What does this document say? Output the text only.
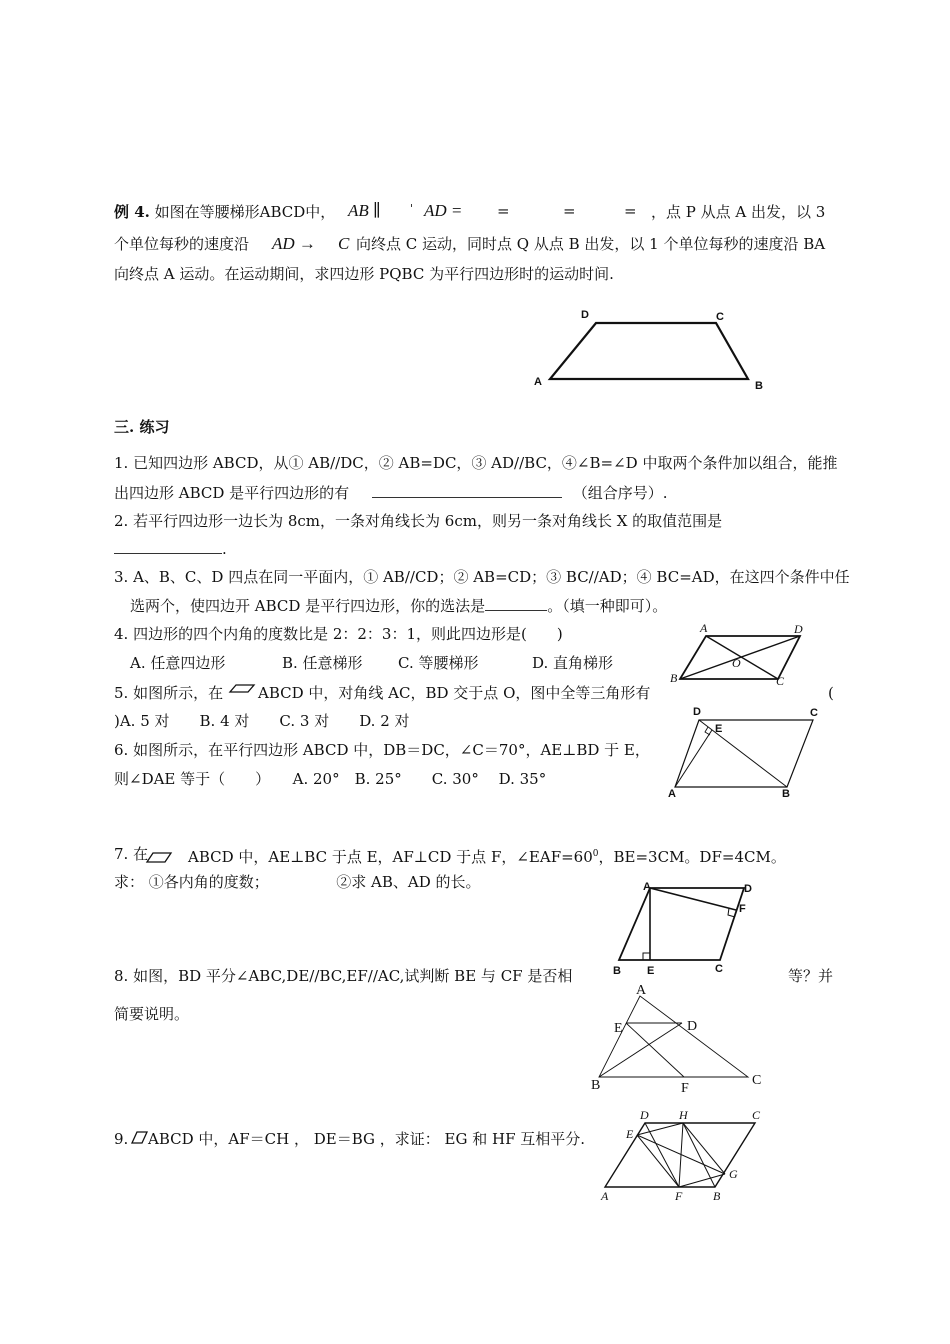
例 4. 如图在等腰梯形ABCD中， AB ∥	' AD = =	=	= ，点 P 从点 A 出发，以 3
个单位每秒的速度沿 AD → C 向终点 C 运动，同时点 Q 从点 B 出发，以 1 个单位每秒的速度沿 BA
向终点 A 运动。在运动期间，求四边形 PQBC 为平行四边形时的运动时间.
D	C
A	B
三. 练习
1. 已知四边形 ABCD，从① AB//DC，② AB=DC，③ AD//BC，④∠B=∠D 中取两个条件加以组合，能推
出四边形 ABCD 是平行四边形的有	（组合序号）.
2. 若平行四边形一边长为 8cm，一条对角线长为 6cm，则另一条对角线长 X 的取值范围是
.
3. A、B、C、D 四点在同一平面内，① AB//CD；② AB=CD；③ BC//AD；④ BC=AD，在这四个条件中任
选两个，使四边开 ABCD 是平行四边形，你的选法是	。（填一种即可）。
4. 四边形的四个内角的度数比是 2：2：3：1，则此四边形是(　　)
A. 任意四边形	B. 任意梯形 C. 等腰梯形	D. 直角梯形
A	D
B	C
O
5. 如图所示，在 ABCD 中，对角线 AC，BD 交于点 O，图中全等三角形有	(
)A. 5 对　　B. 4 对　　C. 3 对　　D. 2 对
6. 如图所示，在平行四边形 ABCD 中，DB＝DC，∠C＝70°，AE⊥BD 于 E，
则∠DAE 等于（　　）　　A. 20°　B. 25°　　C. 30°　 D. 35°
D	C
E
A	B
7. 在	ABCD 中，AE⊥BC 于点 E，AF⊥CD 于点 F，$\angle EAF=60^0$，BE=3CM。DF=4CM。
求： ①各内角的度数；　　　　　②求 AB、AD 的长。	A	D
F
B E	C
8. 如图，BD 平分∠ABC,DE//BC,EF//AC,试判断 BE 与 CF 是否相	等？并
简要说明。
A
E	D
B	F
C
9. ABCD 中，AF＝CH ， DE＝BG ，求证： EG 和 HF 互相平分.
D	H	C
E
G
A	F	B
